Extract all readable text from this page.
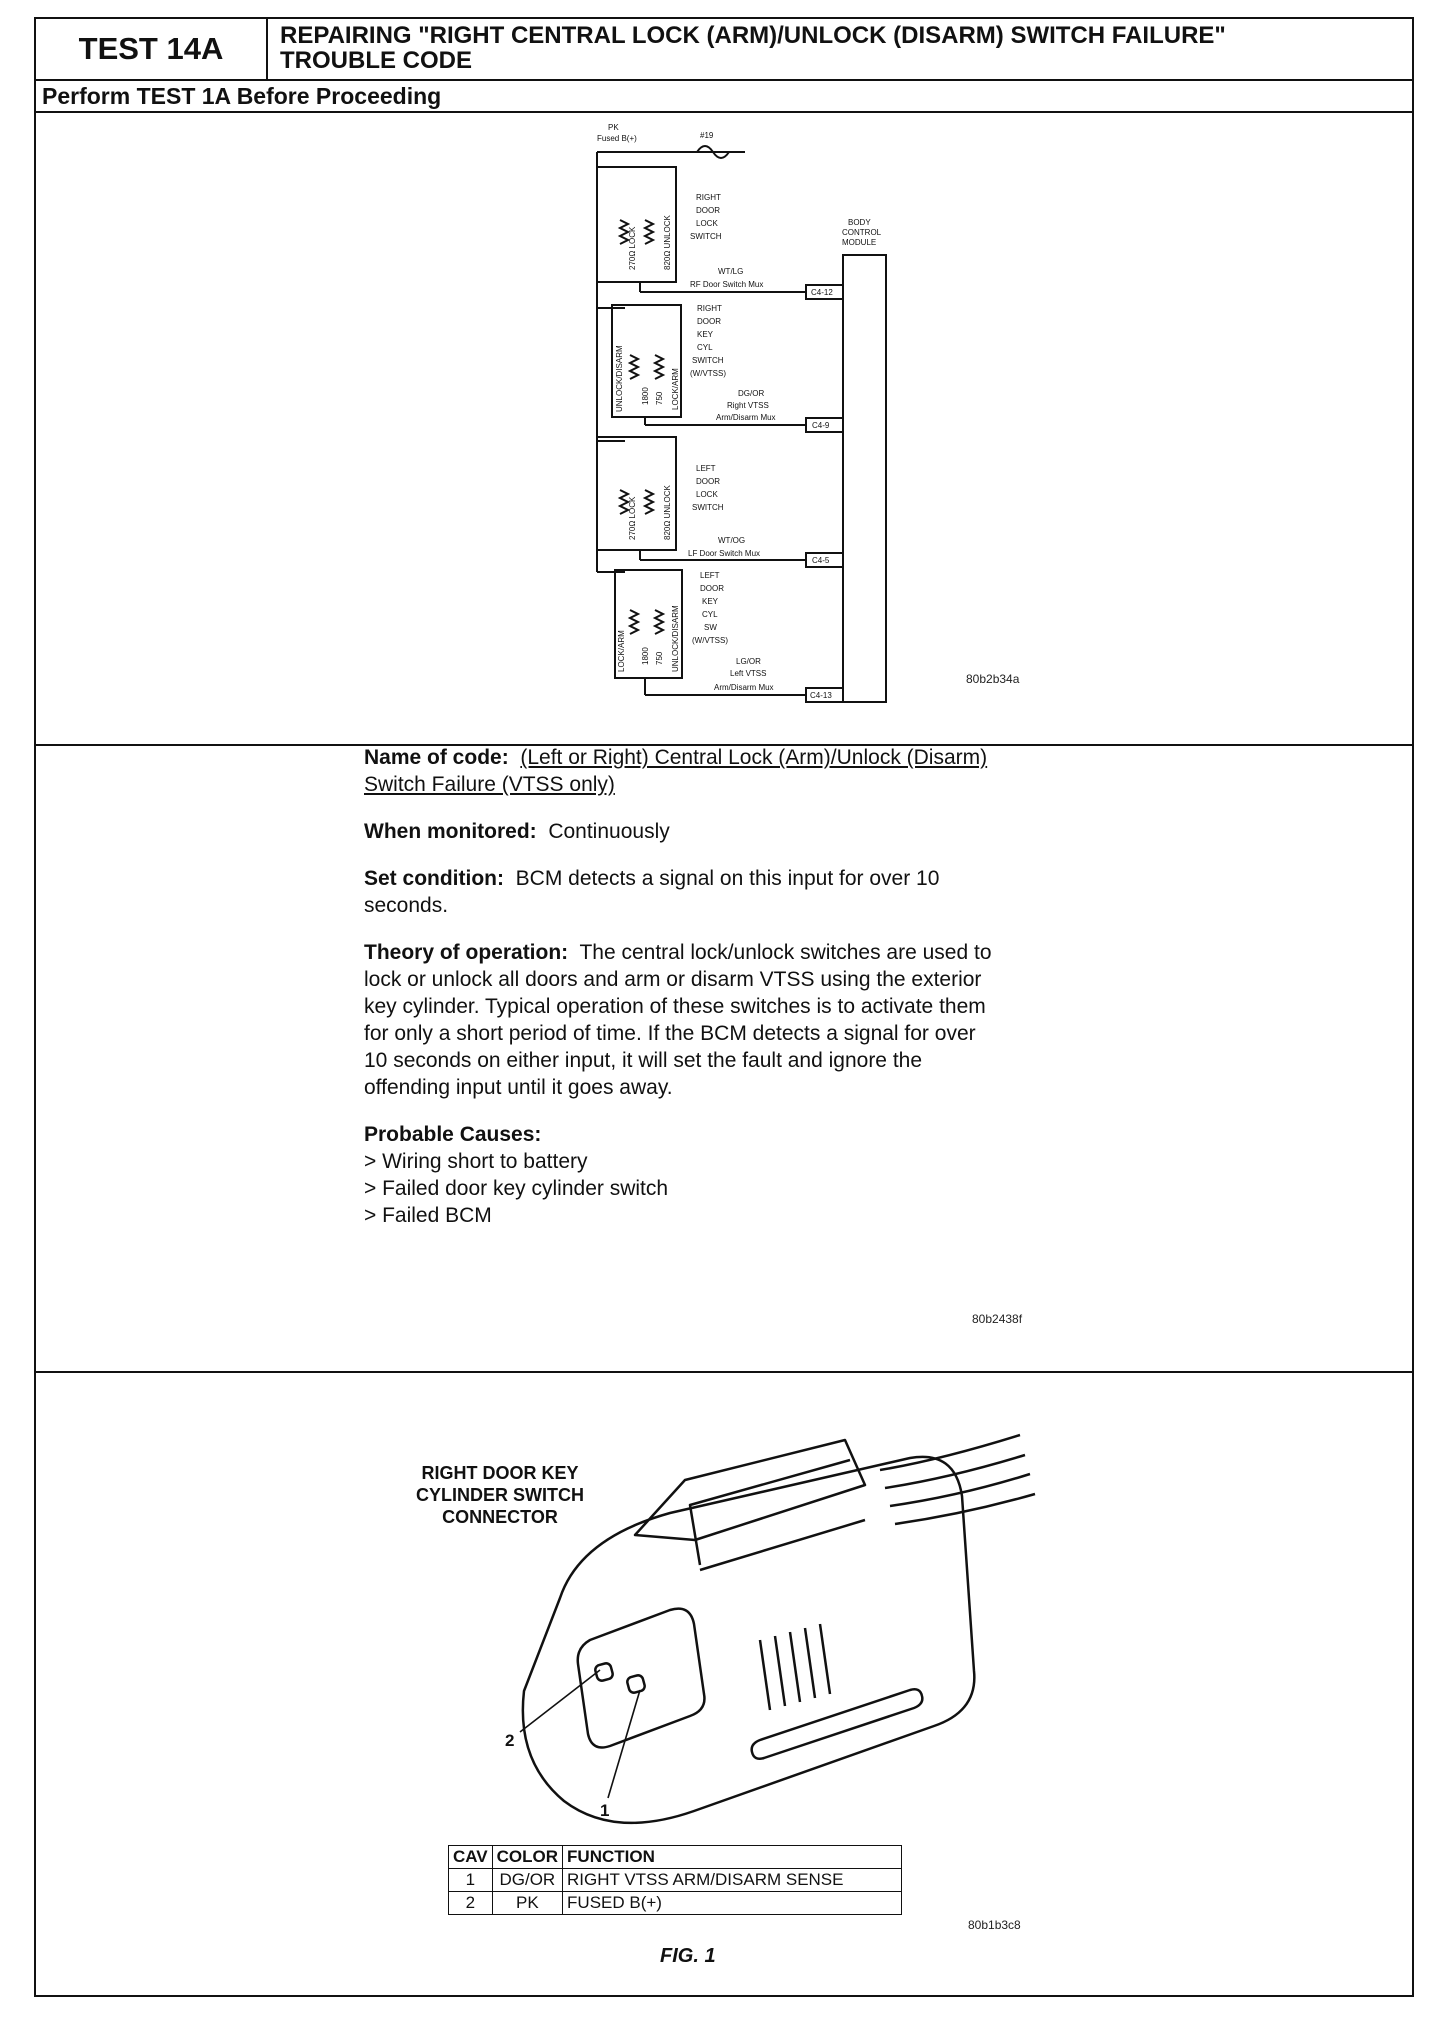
TEST 14A	REPAIRING "RIGHT CENTRAL LOCK (ARM)/UNLOCK (DISARM) SWITCH FAILURE"
TROUBLE CODE
Perform TEST 1A Before Proceeding
PK
Fused B(+)	#19
BODY
CONTROL
MODULE
RIGHT
DOOR
LOCK
SWITCH
RIGHT
DOOR
KEY
CYL
SWITCH
(W/VTSS)
LEFT
DOOR
LOCK
SWITCH
LEFT
DOOR
KEY
CYL
SW
(W/VTSS)
WT/LG
RF Door Switch Mux
C4-12
DG/OR
Right VTSS
Arm/Disarm Mux
C4-9
WT/OG
LF Door Switch Mux
C4-5
LG/OR
Left VTSS
Arm/Disarm Mux
C4-13
270Ω LOCK	820Ω UNLOCK
UNLOCK/DISARM 1800 750 LOCK/ARM
270Ω LOCK	820Ω UNLOCK
LOCK/ARM 1800 750 UNLOCK/DISARM
80b2b34a

Name of code: (Left or Right) Central Lock (Arm)/Unlock (Disarm) Switch Failure (VTSS only)

When monitored: Continuously

Set condition: BCM detects a signal on this input for over 10 seconds.

Theory of operation: The central lock/unlock switches are used to lock or unlock all doors and arm or disarm VTSS using the exterior key cylinder. Typical operation of these switches is to activate them for only a short period of time. If the BCM detects a signal for over 10 seconds on either input, it will set the fault and ignore the offending input until it goes away.

Probable Causes:
> Wiring short to battery
> Failed door key cylinder switch
> Failed BCM
80b2438f
RIGHT DOOR KEY
CYLINDER SWITCH
CONNECTOR
2
1
CAV	COLOR	FUNCTION
1	DG/OR	RIGHT VTSS ARM/DISARM SENSE
2	PK	FUSED B(+)
80b1b3c8
FIG. 1
